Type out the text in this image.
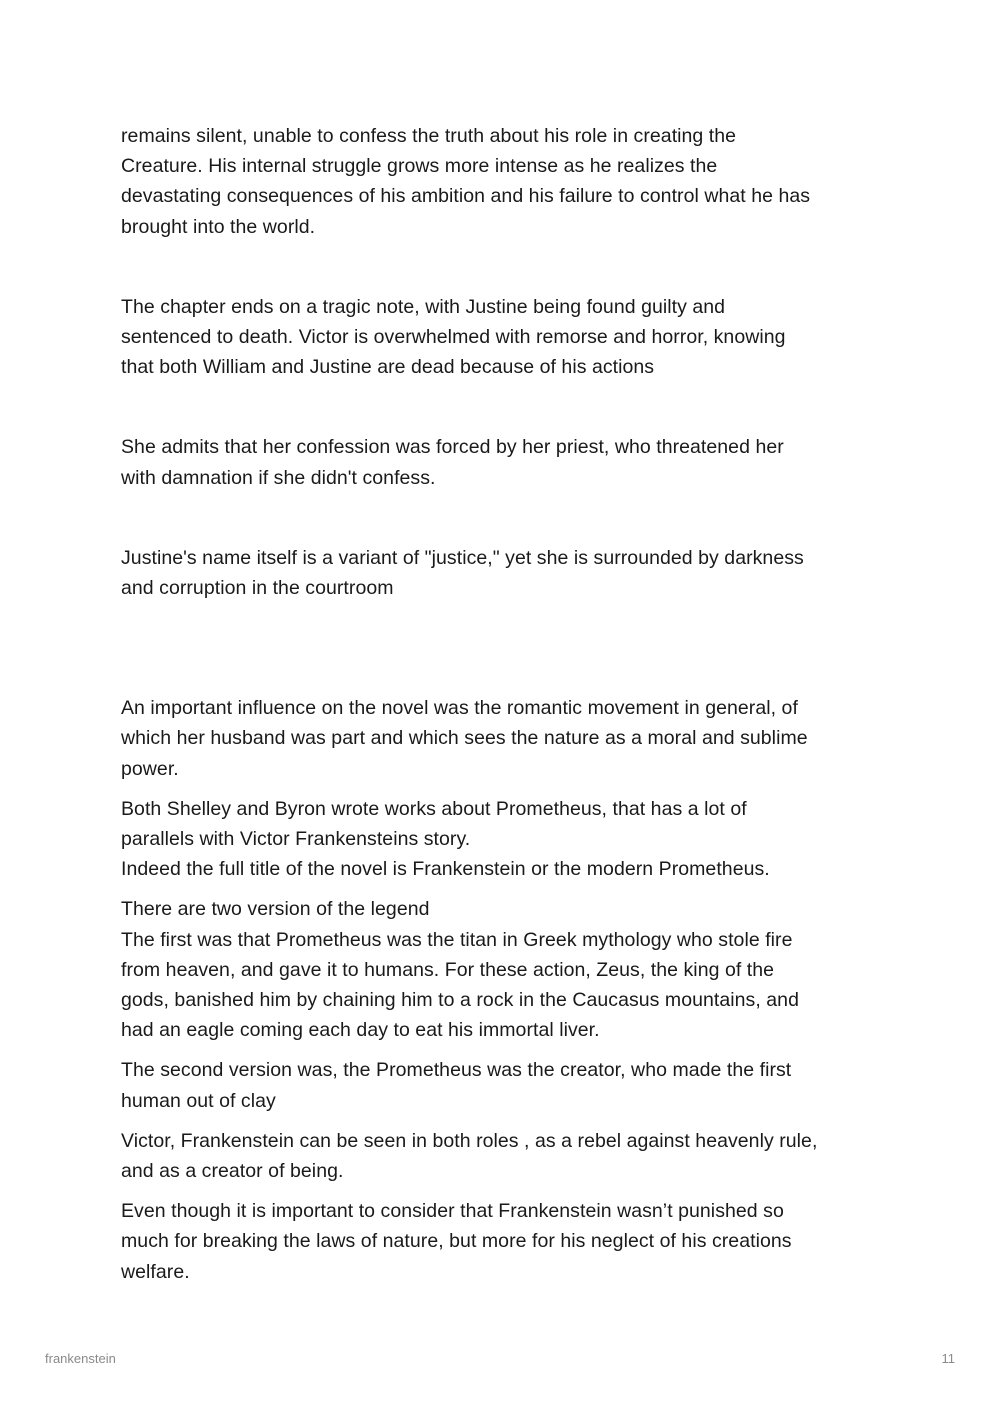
remains silent, unable to confess the truth about his role in creating the
Creature. His internal struggle grows more intense as he realizes the
devastating consequences of his ambition and his failure to control what he has
brought into the world.

The chapter ends on a tragic note, with Justine being found guilty and
sentenced to death. Victor is overwhelmed with remorse and horror, knowing
that both William and Justine are dead because of his actions

She admits that her confession was forced by her priest, who threatened her
with damnation if she didn't confess.

Justine's name itself is a variant of "justice," yet she is surrounded by darkness
and corruption in the courtroom

An important influence on the novel was the romantic movement in general, of
which her husband was part and which sees the nature as a moral and sublime
power.

Both Shelley and Byron wrote works about Prometheus, that has a lot of
parallels with Victor Frankensteins story.
Indeed the full title of the novel is Frankenstein or the modern Prometheus.

There are two version of the legend
The first was that Prometheus was the titan in Greek mythology who stole fire
from heaven, and gave it to humans. For these action, Zeus, the king of the
gods, banished him by chaining him to a rock in the Caucasus mountains, and
had an eagle coming each day to eat his immortal liver.

The second version was, the Prometheus was the creator, who made the first
human out of clay

Victor, Frankenstein can be seen in both roles , as a rebel against heavenly rule,
and as a creator of being.

Even though it is important to consider that Frankenstein wasn’t punished so
much for breaking the laws of nature, but more for his neglect of his creations
welfare.

frankenstein	11
